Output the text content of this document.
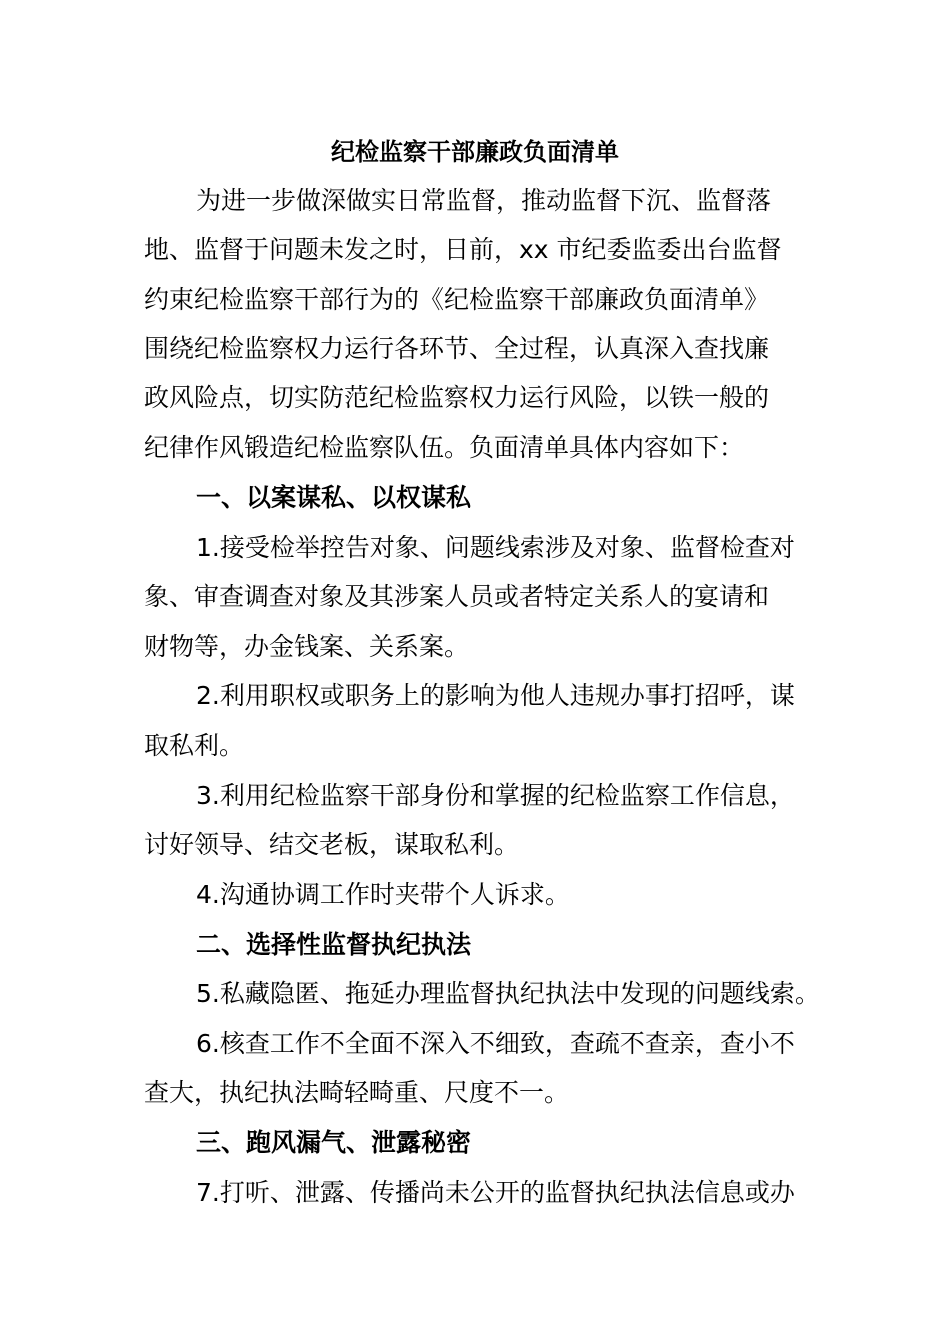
纪检监察干部廉政负面清单
为进一步做深做实日常监督，推动监督下沉、监督落
地、监督于问题未发之时，日前，xx 市纪委监委出台监督
约束纪检监察干部行为的《纪检监察干部廉政负面清单》
围绕纪检监察权力运行各环节、全过程，认真深入查找廉
政风险点，切实防范纪检监察权力运行风险，以铁一般的
纪律作风锻造纪检监察队伍。负面清单具体内容如下：
一、以案谋私、以权谋私
1.接受检举控告对象、问题线索涉及对象、监督检查对
象、审查调查对象及其涉案人员或者特定关系人的宴请和
财物等，办金钱案、关系案。
2.利用职权或职务上的影响为他人违规办事打招呼，谋
取私利。
3.利用纪检监察干部身份和掌握的纪检监察工作信息，
讨好领导、结交老板，谋取私利。
4.沟通协调工作时夹带个人诉求。
二、选择性监督执纪执法
5.私藏隐匿、拖延办理监督执纪执法中发现的问题线索。
6.核查工作不全面不深入不细致，查疏不查亲，查小不
查大，执纪执法畸轻畸重、尺度不一。
三、跑风漏气、泄露秘密
7.打听、泄露、传播尚未公开的监督执纪执法信息或办
